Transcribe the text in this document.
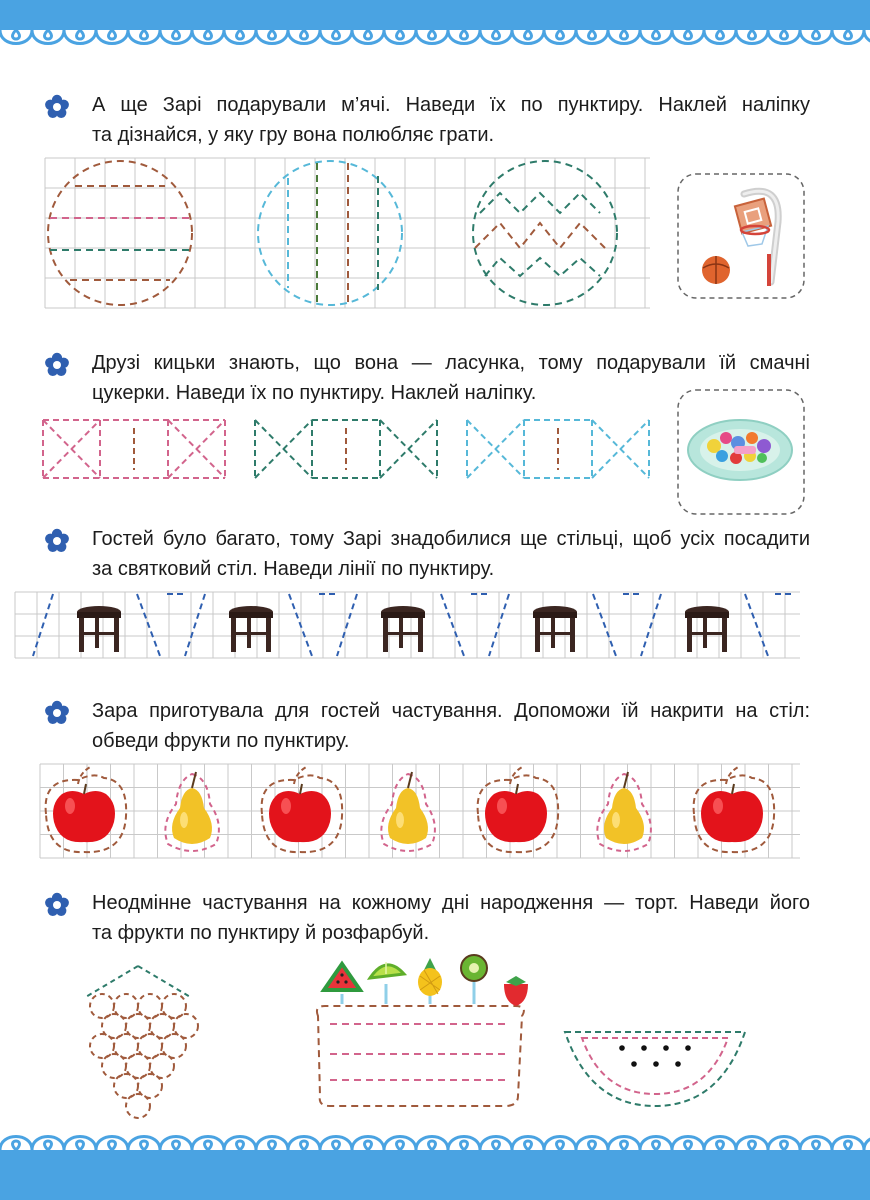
А ще Зарі подарували м’ячі. Наведи їх по пунктиру. Наклей наліпку
та дізнайся, у яку гру вона полюбляє грати.
Друзі кицьки знають, що вона — ласунка, тому подарували їй смачні
цукерки. Наведи їх по пунктиру. Наклей наліпку.
Гостей було багато, тому Зарі знадобилися ще стільці, щоб усіх посадити
за святковий стіл. Наведи лінії по пунктиру.
Зара приготувала для гостей частування. Допоможи їй накрити на стіл:
обведи фрукти по пунктиру.
Неодмінне частування на кожному дні народження — торт. Наведи його
та фрукти по пунктиру й розфарбуй.
